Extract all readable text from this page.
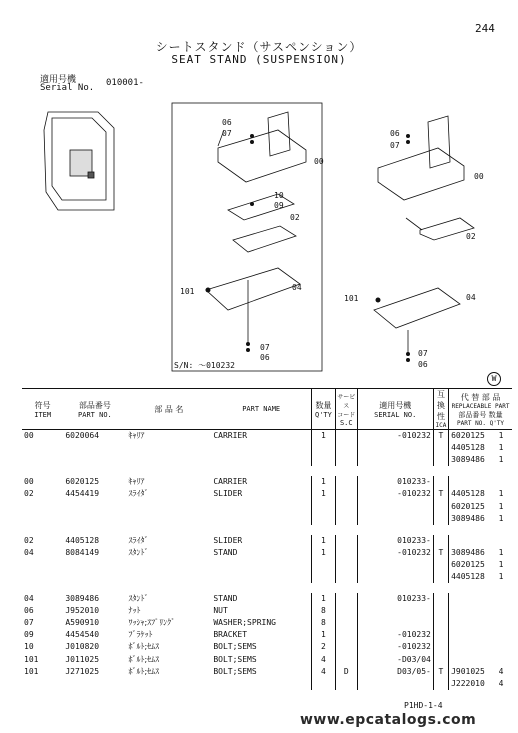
244
シートスタンド（サスペンション）
SEAT STAND (SUSPENSION)
適用号機
Serial No. 010001-
06
07
00
10
09
02
101	04
07
06
S/N: ～010232
06
07
00
02
101	04
07
06
W
符号
ITEM	部品番号
PART NO.	部 品 名	PART NAME	数量
Q'TY	サービス
コード
S.C	適用号機
SERIAL NO.	互換性
ICA	代 替 部 品
REPLACEABLE PART
部品番号 数量
PART NO. Q'TY	

00	6020064	ｷｬﾘｱ	CARRIER	1		-010232	T	6020125	1
								4405128	1
								3089486	1

00	6020125	ｷｬﾘｱ	CARRIER	1		010233-			
02	4454419	ｽﾗｲﾀﾞ	SLIDER	1		-010232	T	4405128	1
								6020125	1
								3089486	1

02	4405128	ｽﾗｲﾀﾞ	SLIDER	1		010233-			
04	8084149	ｽﾀﾝﾄﾞ	STAND	1		-010232	T	3089486	1
								6020125	1
								4405128	1

04	3089486	ｽﾀﾝﾄﾞ	STAND	1		010233-			
06	J952010	ﾅｯﾄ	NUT	8					
07	A590910	ﾜｯｼｬ;ｽﾌﾟﾘﾝｸﾞ	WASHER;SPRING	8					
09	4454540	ﾌﾞﾗｹｯﾄ	BRACKET	1		-010232			
10	J010820	ﾎﾞﾙﾄ;ｾﾑｽ	BOLT;SEMS	2		-010232			
101	J011025	ﾎﾞﾙﾄ;ｾﾑｽ	BOLT;SEMS	4		-D03/04			
101	J271025	ﾎﾞﾙﾄ;ｾﾑｽ	BOLT;SEMS	4	D	D03/05-	T	J901025	4
								J222010	4
P1HD-1-4
www.epcatalogs.com
